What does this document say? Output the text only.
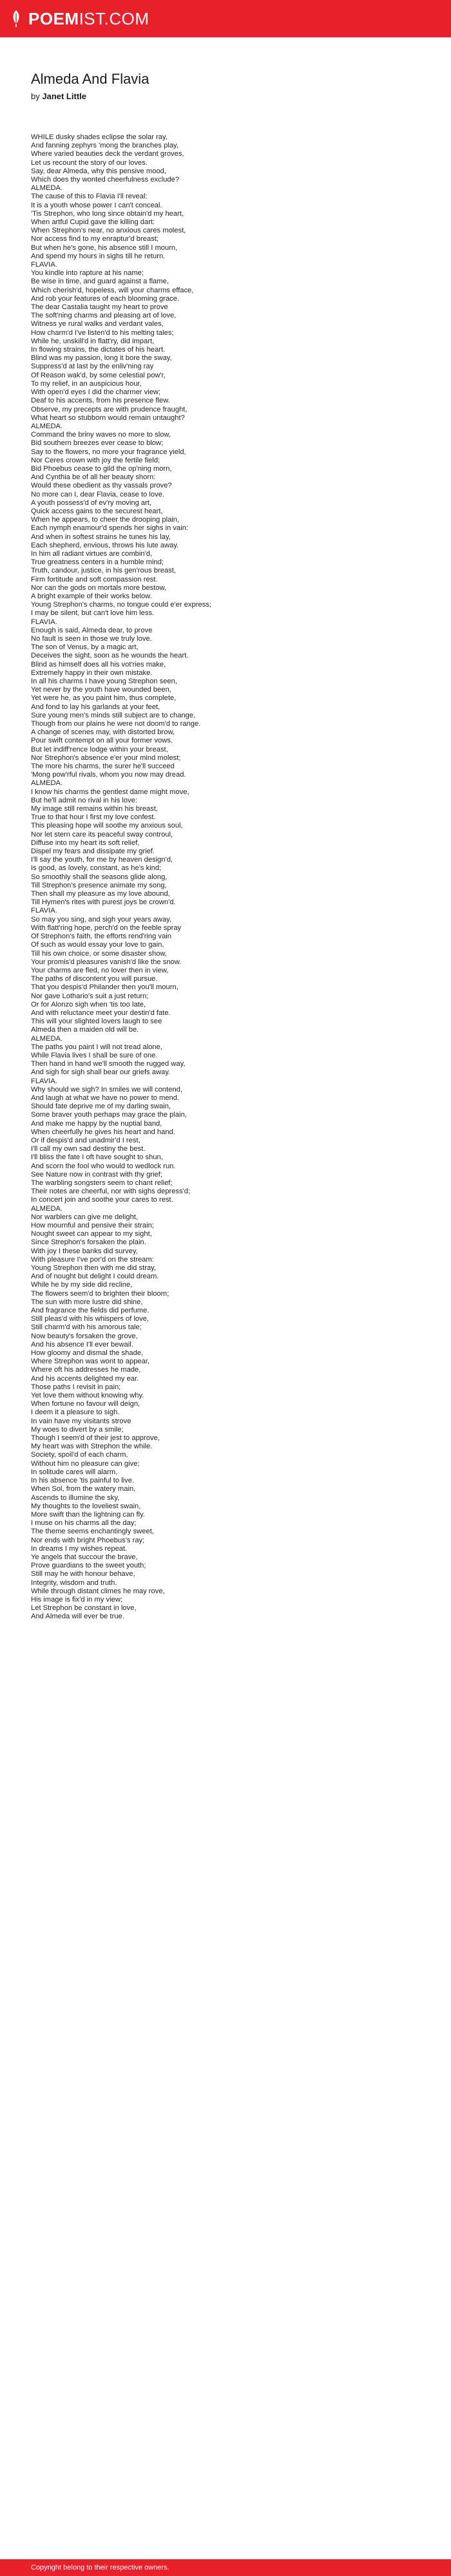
POEMIST.COM
Almeda And Flavia
by Janet Little
WHILE dusky shades eclipse the solar ray,
And fanning zephyrs 'mong the branches play,
Where varied beauties deck the verdant groves,
Let us recount the story of our loves.
Say, dear Almeda, why this pensive mood,
Which does thy wonted cheerfulness exclude?
ALMEDA.
The cause of this to Flavia I'll reveal:
It is a youth whose power I can't conceal.
'Tis Strephon, who long since obtain'd my heart,
When artful Cupid gave the killing dart:
When Strephon's near, no anxious cares molest,
Nor access find to my enraptur'd breast;
But when he's gone, his absence still I mourn,
And spend my hours in sighs till he return.
FLAVIA.
You kindle into rapture at his name;
Be wise in time, and guard against a flame,
Which cherish'd, hopeless, will your charms efface,
And rob your features of each blooming grace.
The dear Castalia taught my heart to prove
The soft'ning charms and pleasing art of love,
Witness ye rural walks and verdant vales,
How charm'd I've listen'd to his melting tales;
While he, unskill'd in flatt'ry, did impart,
In flowing strains, the dictates of his heart.
Blind was my passion, long it bore the sway,
Suppress'd at last by the enliv'ning ray
Of Reason wak'd, by some celestial pow'r,
To my relief, in an auspicious hour,
With open'd eyes I did the charmer view;
Deaf to his accents, from his presence flew.
Observe, my precepts are with prudence fraught,
What heart so stubborn would remain untaught?
ALMEDA.
Command the briny waves no more to slow,
Bid southern breezes ever cease to blow;
Say to the flowers, no more your fragrance yield,
Nor Ceres crown with joy the fertile field;
Bid Phoebus cease to gild the op'ning morn,
And Cynthia be of all her beauty shorn:
Would these obedient as thy vassals prove?
No more can I, dear Flavia, cease to love.
A youth possess'd of ev'ry moving art,
Quick access gains to the securest heart,
When he appears, to cheer the drooping plain,
Each nymph enamour'd spends her sighs in vain:
And when in softest strains he tunes his lay,
Each shepherd, envious, throws his lute away.
In him all radiant virtues are combin'd,
True greatness centers in a humble mind;
Truth, candour, justice, in his gen'rous breast,
Firm fortitude and soft compassion rest.
Nor can the gods on mortals more bestow,
A bright example of their works below.
Young Strephon's charms, no tongue could e'er express;
I may be silent, but can't love him less.
FLAVIA.
Enough is said, Almeda dear, to prove
No fault is seen in those we truly love.
The son of Venus, by a magic art,
Deceives the sight, soon as he wounds the heart.
Blind as himself does all his vot'ries make,
Extremely happy in their own mistake.
In all his charms I have young Strephon seen,
Yet never by the youth have wounded been,
Yet were he, as you paint him, thus complete,
And fond to lay his garlands at your feet,
Sure young men's minds still subject are to change,
Though from our plains he were not doom'd to range.
A change of scenes may, with distorted brow,
Pour swift contempt on all your former vows.
But let indiff'rence lodge within your breast,
Nor Strephon's absence e'er your mind molest;
The more his charms, the surer he'll succeed
'Mong pow'rful rivals, whom you now may dread.
ALMEDA.
I know his charms the gentlest dame might move,
But he'll admit no rival in his love:
My image still remains within his breast,
True to that hour I first my love confest.
This pleasing hope will soothe my anxious soul,
Nor let stern care its peaceful sway controul,
Diffuse into my heart its soft relief,
Dispel my fears and dissipate my grief.
I'll say the youth, for me by heaven design'd,
Is good, as lovely, constant, as he's kind;
So smoothly shall the seasons glide along,
Till Strephon's presence animate my song,
Then shall my pleasure as my love abound,
Till Hymen's rites with purest joys be crown'd.
FLAVIA.
So may you sing, and sigh your years away,
With flatt'ring hope, perch'd on the feeble spray
Of Strephon's faith, the efforts rend'ring vain
Of such as would essay your love to gain,
Till his own choice, or some disaster show,
Your promis'd pleasures vanish'd like the snow.
Your charms are fled, no lover then in view,
The paths of discontent you will pursue.
That you despis'd Philander then you'll mourn,
Nor gave Lothario's suit a just return;
Or for Alonzo sigh when 'tis too late,
And with reluctance meet your destin'd fate.
This will your slighted lovers laugh to see
Almeda then a maiden old will be.
ALMEDA.
The paths you paint I will not tread alone,
While Flavia lives I shall be sure of one.
Then hand in hand we'll smooth the rugged way,
And sigh for sigh shall bear our griefs away.
FLAVIA.
Why should we sigh? In smiles we will contend,
And laugh at what we have no power to mend.
Should fate deprive me of my darling swain,
Some braver youth perhaps may grace the plain,
And make me happy by the nuptial band,
When cheerfully he gives his heart and hand.
Or if despis'd and unadmir'd I rest,
I'll call my own sad destiny the best.
I'll bliss the fate I oft have sought to shun,
And scorn the fool who would to wedlock run.
See Nature now in contrast with thy grief;
The warbling songsters seem to chant relief;
Their notes are cheerful, nor with sighs depress'd;
In concert join and soothe your cares to rest.
ALMEDA.
Nor warblers can give me delight,
How mournful and pensive their strain;
Nought sweet can appear to my sight,
Since Strephon's forsaken the plain.
With joy I these banks did survey,
With pleasure I've por'd on the stream:
Young Strephon then with me did stray,
And of nought but delight I could dream.
While he by my side did recline,
The flowers seem'd to brighten their bloom;
The sun with more lustre did shine,
And fragrance the fields did perfume.
Still pleas'd with his whispers of love,
Still charm'd with his amorous tale;
Now beauty's forsaken the grove,
And his absence I'll ever bewail.
How gloomy and dismal the shade,
Where Strephon was wont to appear,
Where oft his addresses he made,
And his accents delighted my ear.
Those paths I revisit in pain;
Yet love them without knowing why.
When fortune no favour will deign,
I deem it a pleasure to sigh.
In vain have my visitants strove
My woes to divert by a smile;
Though I seem'd of their jest to approve,
My heart was with Strephon the while.
Society, spoil'd of each charm,
Without him no pleasure can give;
In solitude cares will alarm,
In his absence 'tis painful to live.
When Sol, from the watery main,
Ascends to illumine the sky,
My thoughts to the loveliest swain,
More swift than the lightning can fly.
I muse on his charms all the day;
The theme seems enchantingly sweet,
Nor ends with bright Phoebus's ray;
In dreams I my wishes repeat.
Ye angels that succour the brave,
Prove guardians to the sweet youth;
Still may he with honour behave,
Integrity, wisdom and truth.
While through distant climes he may rove,
His image is fix'd in my view;
Let Strephon be constant in love,
And Almeda will ever be true.
Copyright belong to their respective owners.
